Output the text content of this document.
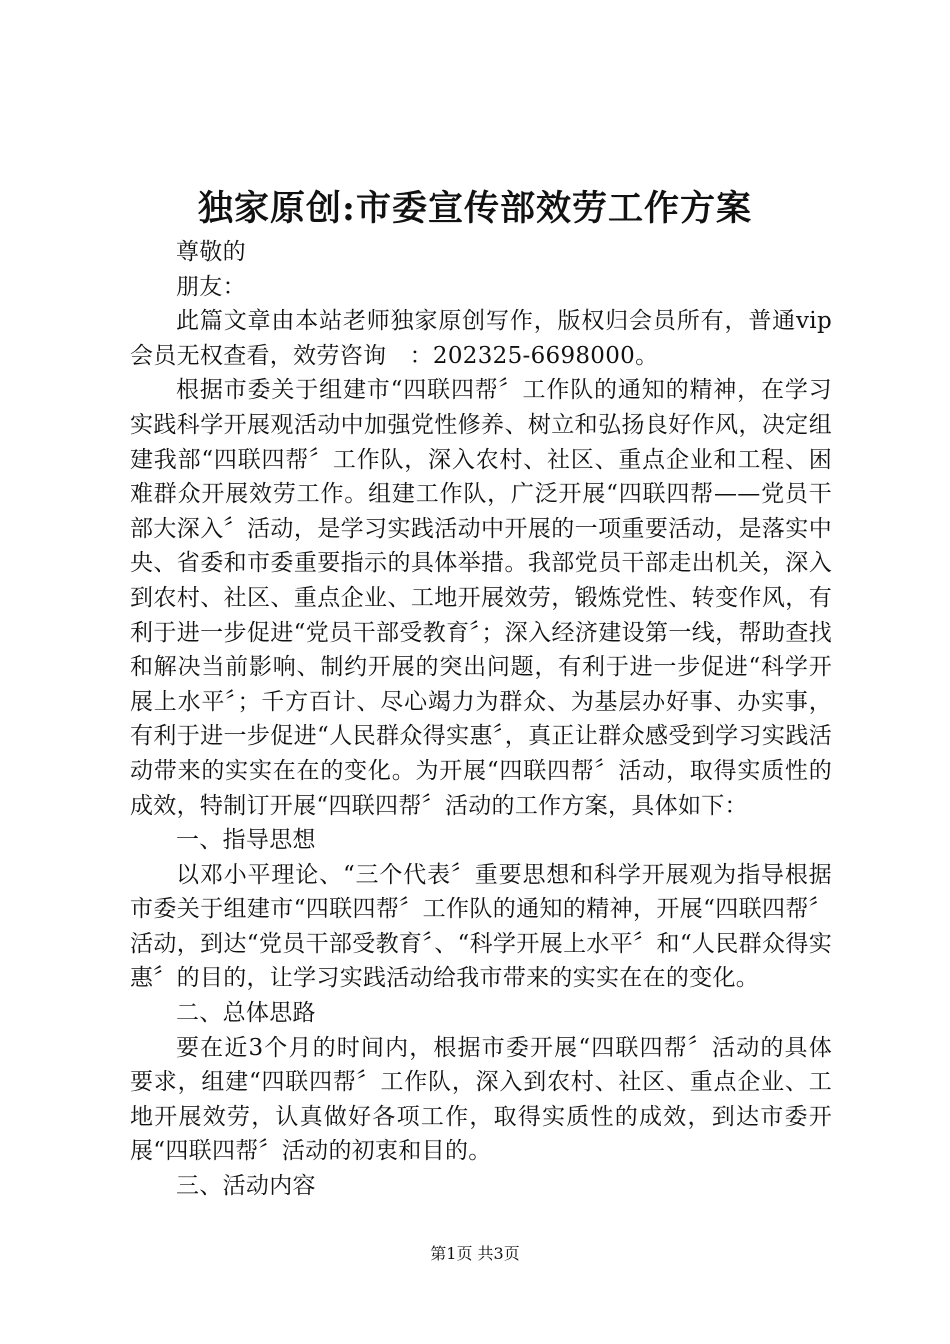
独家原创:市委宣传部效劳工作方案

尊敬的

朋友：

此篇文章由本站老师独家原创写作，版权归会员所有，普通vip会员无权查看，效劳咨询　：202325-6698000。

根据市委关于组建市“四联四帮〞工作队的通知的精神，在学习实践科学开展观活动中加强党性修养、树立和弘扬良好作风，决定组建我部“四联四帮〞工作队，深入农村、社区、重点企业和工程、困难群众开展效劳工作。组建工作队，广泛开展“四联四帮——党员干部大深入〞活动，是学习实践活动中开展的一项重要活动，是落实中央、省委和市委重要指示的具体举措。我部党员干部走出机关，深入到农村、社区、重点企业、工地开展效劳，锻炼党性、转变作风，有利于进一步促进“党员干部受教育〞；深入经济建设第一线，帮助查找和解决当前影响、制约开展的突出问题，有利于进一步促进“科学开展上水平〞；千方百计、尽心竭力为群众、为基层办好事、办实事，有利于进一步促进“人民群众得实惠〞，真正让群众感受到学习实践活动带来的实实在在的变化。为开展“四联四帮〞活动，取得实质性的成效，特制订开展“四联四帮〞活动的工作方案，具体如下：

一、指导思想

以邓小平理论、“三个代表〞重要思想和科学开展观为指导根据市委关于组建市“四联四帮〞工作队的通知的精神，开展“四联四帮〞活动，到达“党员干部受教育〞、“科学开展上水平〞和“人民群众得实惠〞的目的，让学习实践活动给我市带来的实实在在的变化。

二、总体思路

要在近3个月的时间内，根据市委开展“四联四帮〞活动的具体要求，组建“四联四帮〞工作队，深入到农村、社区、重点企业、工地开展效劳，认真做好各项工作，取得实质性的成效，到达市委开展“四联四帮〞活动的初衷和目的。

三、活动内容

第1页 共3页
